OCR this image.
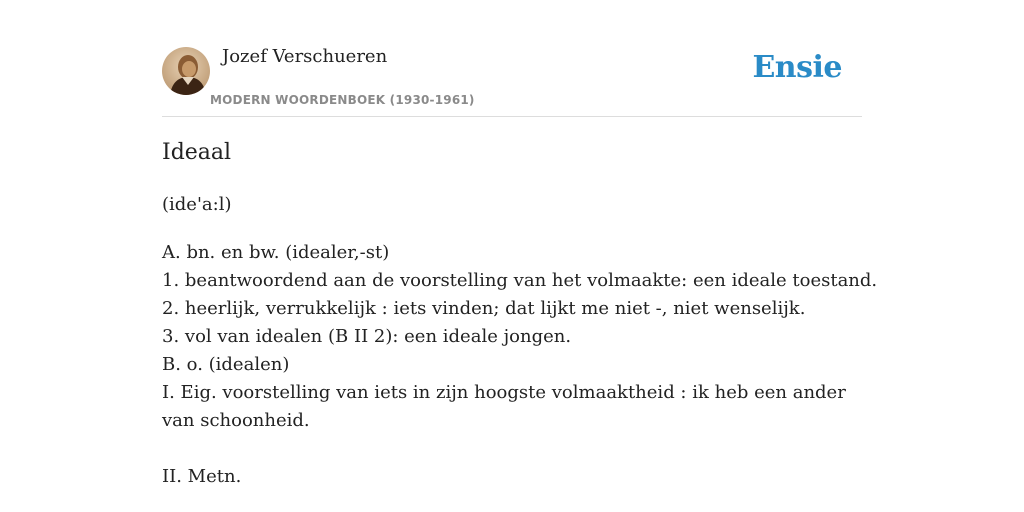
Jozef Verschueren
MODERN WOORDENBOEK (1930-1961)
Ensie
Ideaal

(ide'a:l)

A. bn. en bw. (idealer,-st)
1. beantwoordend aan de voorstelling van het volmaakte: een ideale toestand.
2. heerlijk, verrukkelijk : iets vinden; dat lijkt me niet -, niet wenselijk.
3. vol van idealen (B II 2): een ideale jongen.
B. o. (idealen)
I. Eig. voorstelling van iets in zijn hoogste volmaaktheid : ik heb een ander van schoonheid.
II. Metn.
